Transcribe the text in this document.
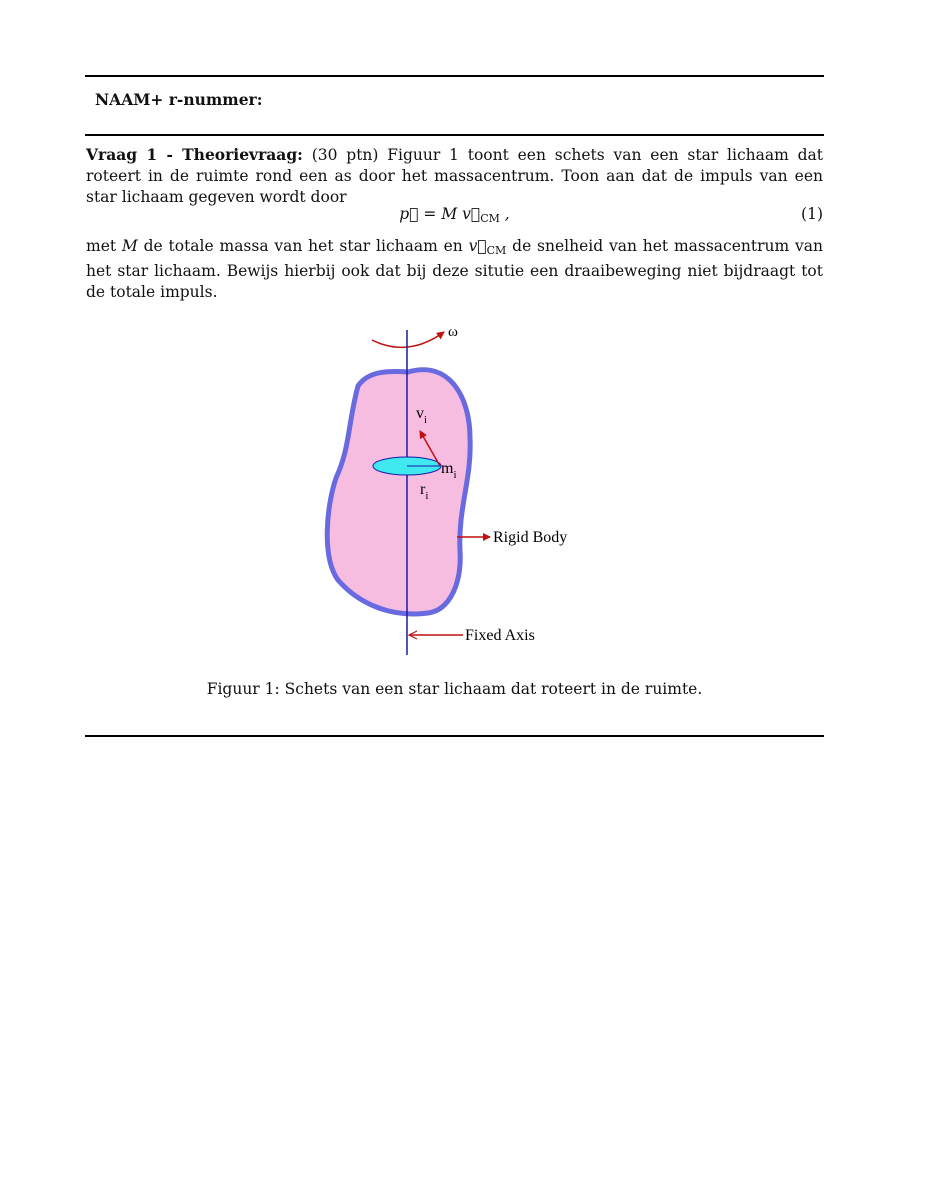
NAAM+ r-nummer:
Vraag 1 - Theorievraag: (30 ptn) Figuur 1 toont een schets van een star lichaam dat roteert in de ruimte rond een as door het massacentrum. Toon aan dat de impuls van een star lichaam gegeven wordt door
p⃗ = M $v⃗_{CM}$ ,	(1)
met M de totale massa van het star lichaam en $v⃗_{CM}$ de snelheid van het massacentrum van het star lichaam. Bewijs hierbij ook dat bij deze situtie een draaibeweging niet bijdraagt tot de totale impuls.
ω
$v_i$
$m_i$
$r_i$
Rigid Body
Fixed Axis
Figuur 1: Schets van een star lichaam dat roteert in de ruimte.
